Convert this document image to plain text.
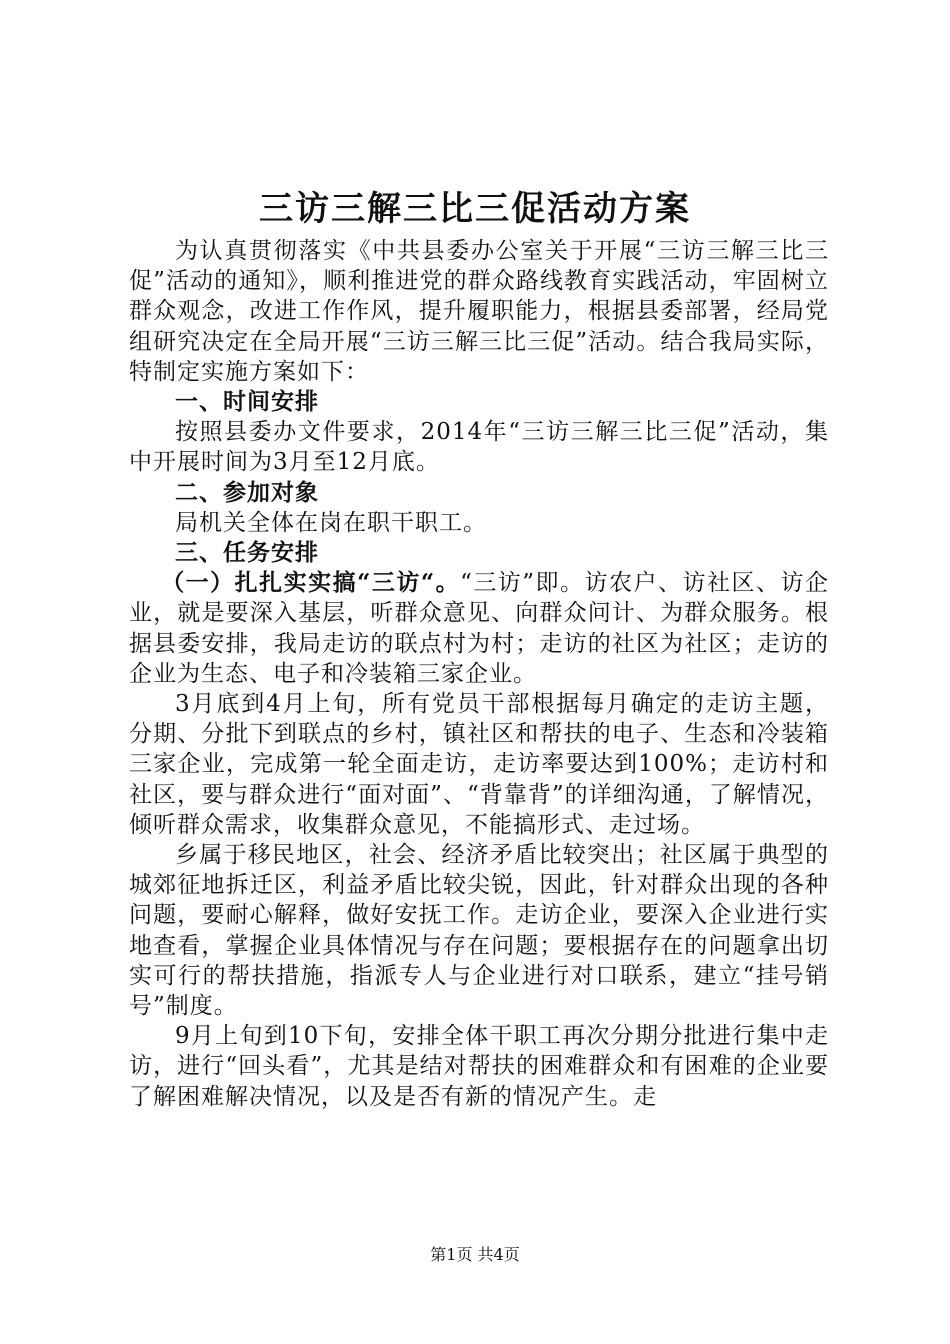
三访三解三比三促活动方案

为认真贯彻落实《中共县委办公室关于开展“三访三解三比三促”活动的通知》，顺利推进党的群众路线教育实践活动，牢固树立群众观念，改进工作作风，提升履职能力，根据县委部署，经局党组研究决定在全局开展“三访三解三比三促”活动。结合我局实际，特制定实施方案如下：

一、时间安排

按照县委办文件要求，2014年“三访三解三比三促”活动，集中开展时间为3月至12月底。

二、参加对象

局机关全体在岗在职干职工。

三、任务安排

（一）扎扎实实搞“三访“。“三访”即。访农户、访社区、访企业，就是要深入基层，听群众意见、向群众问计、为群众服务。根据县委安排，我局走访的联点村为村；走访的社区为社区；走访的企业为生态、电子和冷装箱三家企业。

3月底到4月上旬，所有党员干部根据每月确定的走访主题，分期、分批下到联点的乡村，镇社区和帮扶的电子、生态和冷装箱三家企业，完成第一轮全面走访，走访率要达到100%；走访村和社区，要与群众进行“面对面”、“背靠背”的详细沟通，了解情况，倾听群众需求，收集群众意见，不能搞形式、走过场。

乡属于移民地区，社会、经济矛盾比较突出；社区属于典型的城郊征地拆迁区，利益矛盾比较尖锐，因此，针对群众出现的各种问题，要耐心解释，做好安抚工作。走访企业，要深入企业进行实地查看，掌握企业具体情况与存在问题；要根据存在的问题拿出切实可行的帮扶措施，指派专人与企业进行对口联系，建立“挂号销号”制度。

9月上旬到10下旬，安排全体干职工再次分期分批进行集中走访，进行“回头看”，尤其是结对帮扶的困难群众和有困难的企业要了解困难解决情况，以及是否有新的情况产生。走

第1页 共4页
